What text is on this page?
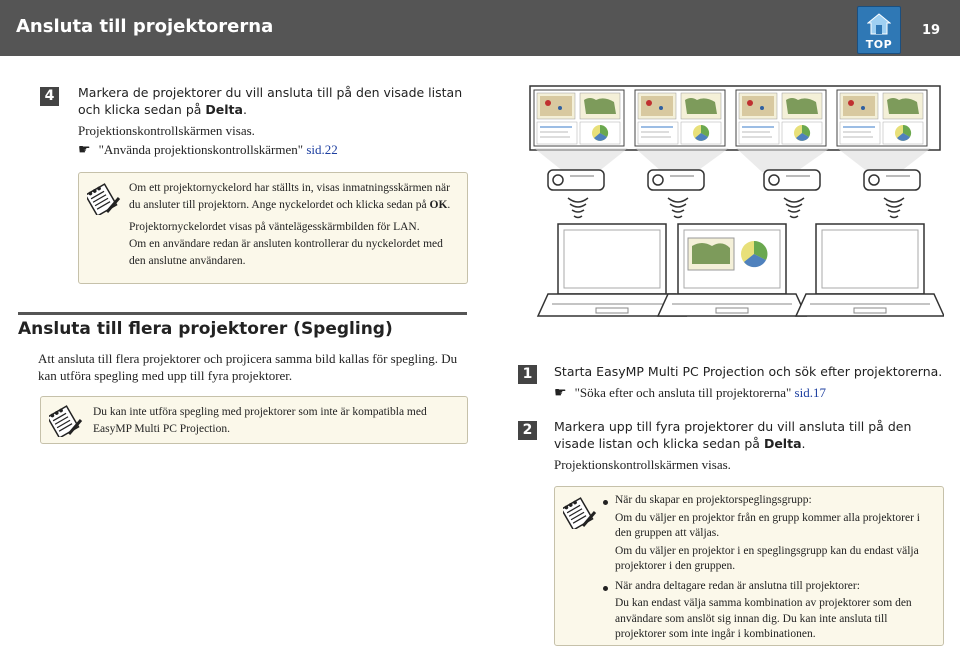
Ansluta till projektorerna
TOP
19
4	Markera de projektorer du vill ansluta till på den visade listan och klicka sedan på Delta.
Projektionskontrollskärmen visas.
☛ "Använda projektionskontrollskärmen" sid.22
Om ett projektornyckelord har ställts in, visas inmatningsskärmen när du ansluter till projektorn. Ange nyckelordet och klicka sedan på OK.
Projektornyckelordet visas på väntelägesskärmbilden för LAN.
Om en användare redan är ansluten kontrollerar du nyckelordet med den anslutne användaren.
Ansluta till flera projektorer (Spegling)
Att ansluta till flera projektorer och projicera samma bild kallas för spegling. Du kan utföra spegling med upp till fyra projektorer.
Du kan inte utföra spegling med projektorer som inte är kompatibla med EasyMP Multi PC Projection.
1	Starta EasyMP Multi PC Projection och sök efter projektorerna.
☛ "Söka efter och ansluta till projektorerna" sid.17
2	Markera upp till fyra projektorer du vill ansluta till på den visade listan och klicka sedan på Delta.
Projektionskontrollskärmen visas.
När du skapar en projektorspeglingsgrupp:
Om du väljer en projektor från en grupp kommer alla projektorer i den gruppen att väljas.
Om du väljer en projektor i en speglingsgrupp kan du endast välja projektorer i den gruppen.
När andra deltagare redan är anslutna till projektorer:
Du kan endast välja samma kombination av projektorer som den användare som anslöt sig innan dig. Du kan inte ansluta till projektorer som inte ingår i kombinationen.
